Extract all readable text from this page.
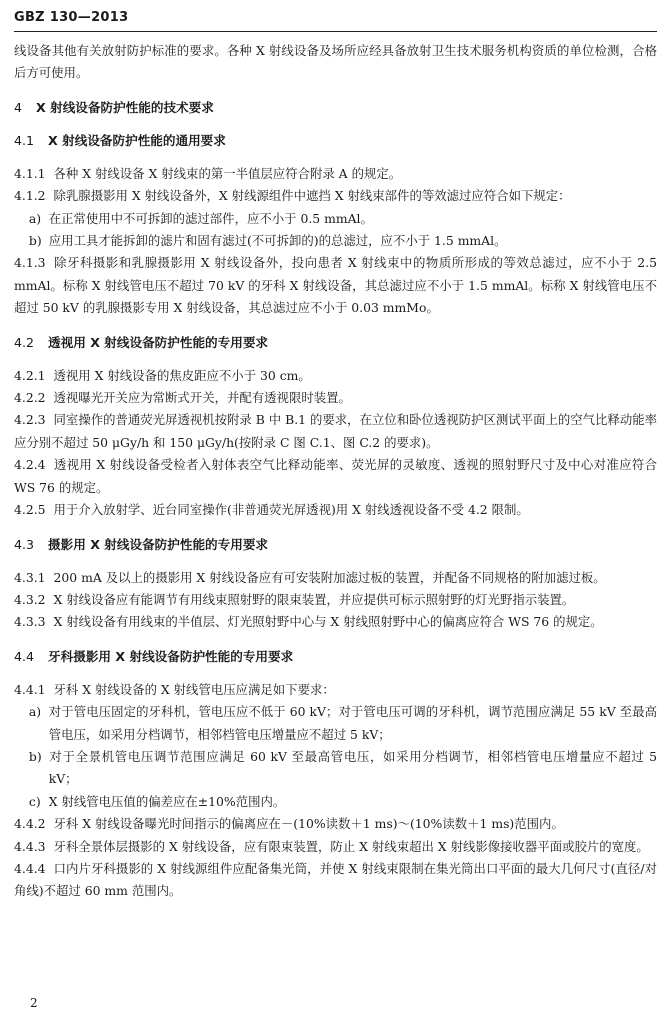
GBZ 130—2013

线设备其他有关放射防护标准的要求。各种 X 射线设备及场所应经具备放射卫生技术服务机构资质的单位检测，合格后方可使用。

4 X 射线设备防护性能的技术要求
4.1 X 射线设备防护性能的通用要求

4.1.1 各种 X 射线设备 X 射线束的第一半值层应符合附录 A 的规定。

4.1.2 除乳腺摄影用 X 射线设备外，X 射线源组件中遮挡 X 射线束部件的等效滤过应符合如下规定：

a) 在正常使用中不可拆卸的滤过部件，应不小于 0.5 mmAl。

b) 应用工具才能拆卸的滤片和固有滤过(不可拆卸的)的总滤过，应不小于 1.5 mmAl。

4.1.3 除牙科摄影和乳腺摄影用 X 射线设备外，投向患者 X 射线束中的物质所形成的等效总滤过，应不小于 2.5 mmAl。标称 X 射线管电压不超过 70 kV 的牙科 X 射线设备，其总滤过应不小于 1.5 mmAl。标称 X 射线管电压不超过 50 kV 的乳腺摄影专用 X 射线设备，其总滤过应不小于 0.03 mmMo。

4.2 透视用 X 射线设备防护性能的专用要求

4.2.1 透视用 X 射线设备的焦皮距应不小于 30 cm。

4.2.2 透视曝光开关应为常断式开关，并配有透视限时装置。

4.2.3 同室操作的普通荧光屏透视机按附录 B 中 B.1 的要求，在立位和卧位透视防护区测试平面上的空气比释动能率应分别不超过 50 μGy/h 和 150 μGy/h(按附录 C 图 C.1、图 C.2 的要求)。

4.2.4 透视用 X 射线设备受检者入射体表空气比释动能率、荧光屏的灵敏度、透视的照射野尺寸及中心对准应符合 WS 76 的规定。

4.2.5 用于介入放射学、近台同室操作(非普通荧光屏透视)用 X 射线透视设备不受 4.2 限制。

4.3 摄影用 X 射线设备防护性能的专用要求

4.3.1 200 mA 及以上的摄影用 X 射线设备应有可安装附加滤过板的装置，并配备不同规格的附加滤过板。

4.3.2 X 射线设备应有能调节有用线束照射野的限束装置，并应提供可标示照射野的灯光野指示装置。

4.3.3 X 射线设备有用线束的半值层、灯光照射野中心与 X 射线照射野中心的偏离应符合 WS 76 的规定。

4.4 牙科摄影用 X 射线设备防护性能的专用要求

4.4.1 牙科 X 射线设备的 X 射线管电压应满足如下要求：

a) 对于管电压固定的牙科机，管电压应不低于 60 kV；对于管电压可调的牙科机，调节范围应满足 55 kV 至最高管电压，如采用分档调节，相邻档管电压增量应不超过 5 kV；

b) 对于全景机管电压调节范围应满足 60 kV 至最高管电压，如采用分档调节，相邻档管电压增量应不超过 5 kV；

c) X 射线管电压值的偏差应在±10%范围内。

4.4.2 牙科 X 射线设备曝光时间指示的偏离应在－(10%读数＋1 ms)～(10%读数＋1 ms)范围内。

4.4.3 牙科全景体层摄影的 X 射线设备，应有限束装置，防止 X 射线束超出 X 射线影像接收器平面或胶片的宽度。

4.4.4 口内片牙科摄影的 X 射线源组件应配备集光筒，并使 X 射线束限制在集光筒出口平面的最大几何尺寸(直径/对角线)不超过 60 mm 范围内。

2
